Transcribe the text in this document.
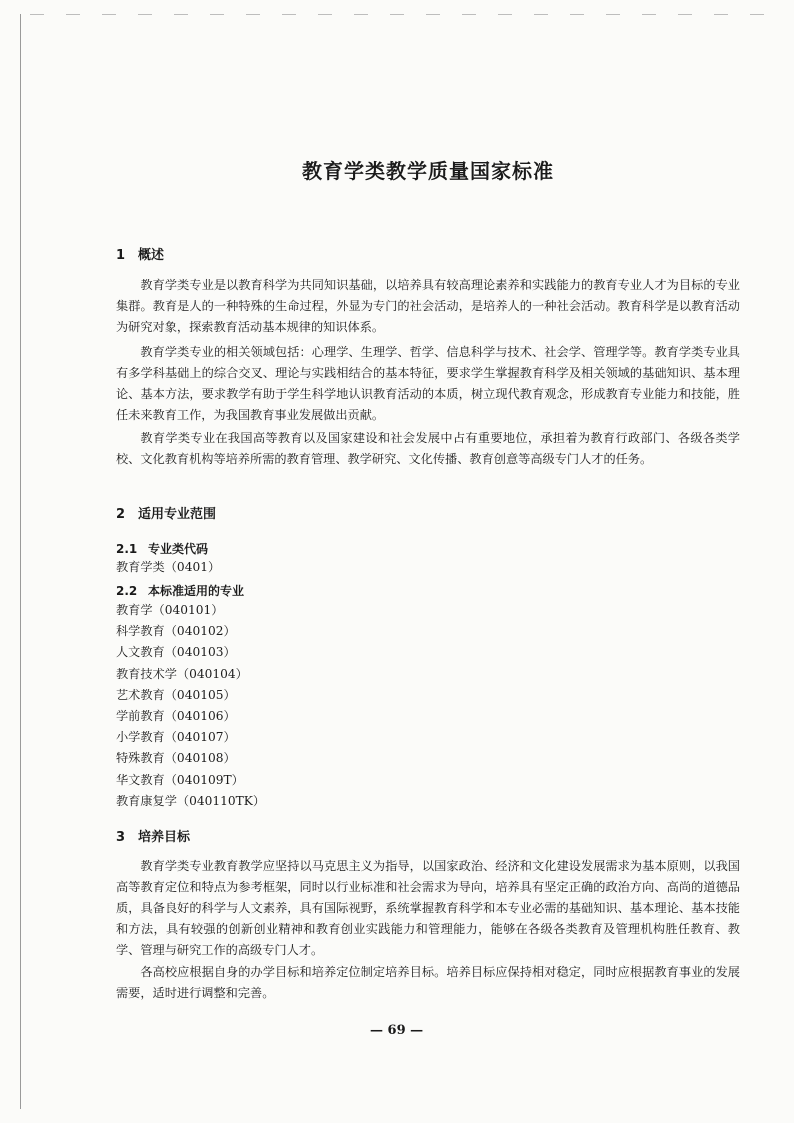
教育学类教学质量国家标准
1 概述

教育学类专业是以教育科学为共同知识基础，以培养具有较高理论素养和实践能力的教育专业人才为目标的专业集群。教育是人的一种特殊的生命过程，外显为专门的社会活动，是培养人的一种社会活动。教育科学是以教育活动为研究对象，探索教育活动基本规律的知识体系。

教育学类专业的相关领域包括：心理学、生理学、哲学、信息科学与技术、社会学、管理学等。教育学类专业具有多学科基础上的综合交叉、理论与实践相结合的基本特征，要求学生掌握教育科学及相关领域的基础知识、基本理论、基本方法，要求教学有助于学生科学地认识教育活动的本质，树立现代教育观念，形成教育专业能力和技能，胜任未来教育工作，为我国教育事业发展做出贡献。

教育学类专业在我国高等教育以及国家建设和社会发展中占有重要地位，承担着为教育行政部门、各级各类学校、文化教育机构等培养所需的教育管理、教学研究、文化传播、教育创意等高级专门人才的任务。

2 适用专业范围
2.1 专业类代码
教育学类（0401）
2.2 本标准适用的专业
教育学（040101）
科学教育（040102）
人文教育（040103）
教育技术学（040104）
艺术教育（040105）
学前教育（040106）
小学教育（040107）
特殊教育（040108）
华文教育（040109T）
教育康复学（040110TK）
3 培养目标

教育学类专业教育教学应坚持以马克思主义为指导，以国家政治、经济和文化建设发展需求为基本原则，以我国高等教育定位和特点为参考框架，同时以行业标准和社会需求为导向，培养具有坚定正确的政治方向、高尚的道德品质，具备良好的科学与人文素养，具有国际视野，系统掌握教育科学和本专业必需的基础知识、基本理论、基本技能和方法，具有较强的创新创业精神和教育创业实践能力和管理能力，能够在各级各类教育及管理机构胜任教育、教学、管理与研究工作的高级专门人才。

各高校应根据自身的办学目标和培养定位制定培养目标。培养目标应保持相对稳定，同时应根据教育事业的发展需要，适时进行调整和完善。

— 69 —
